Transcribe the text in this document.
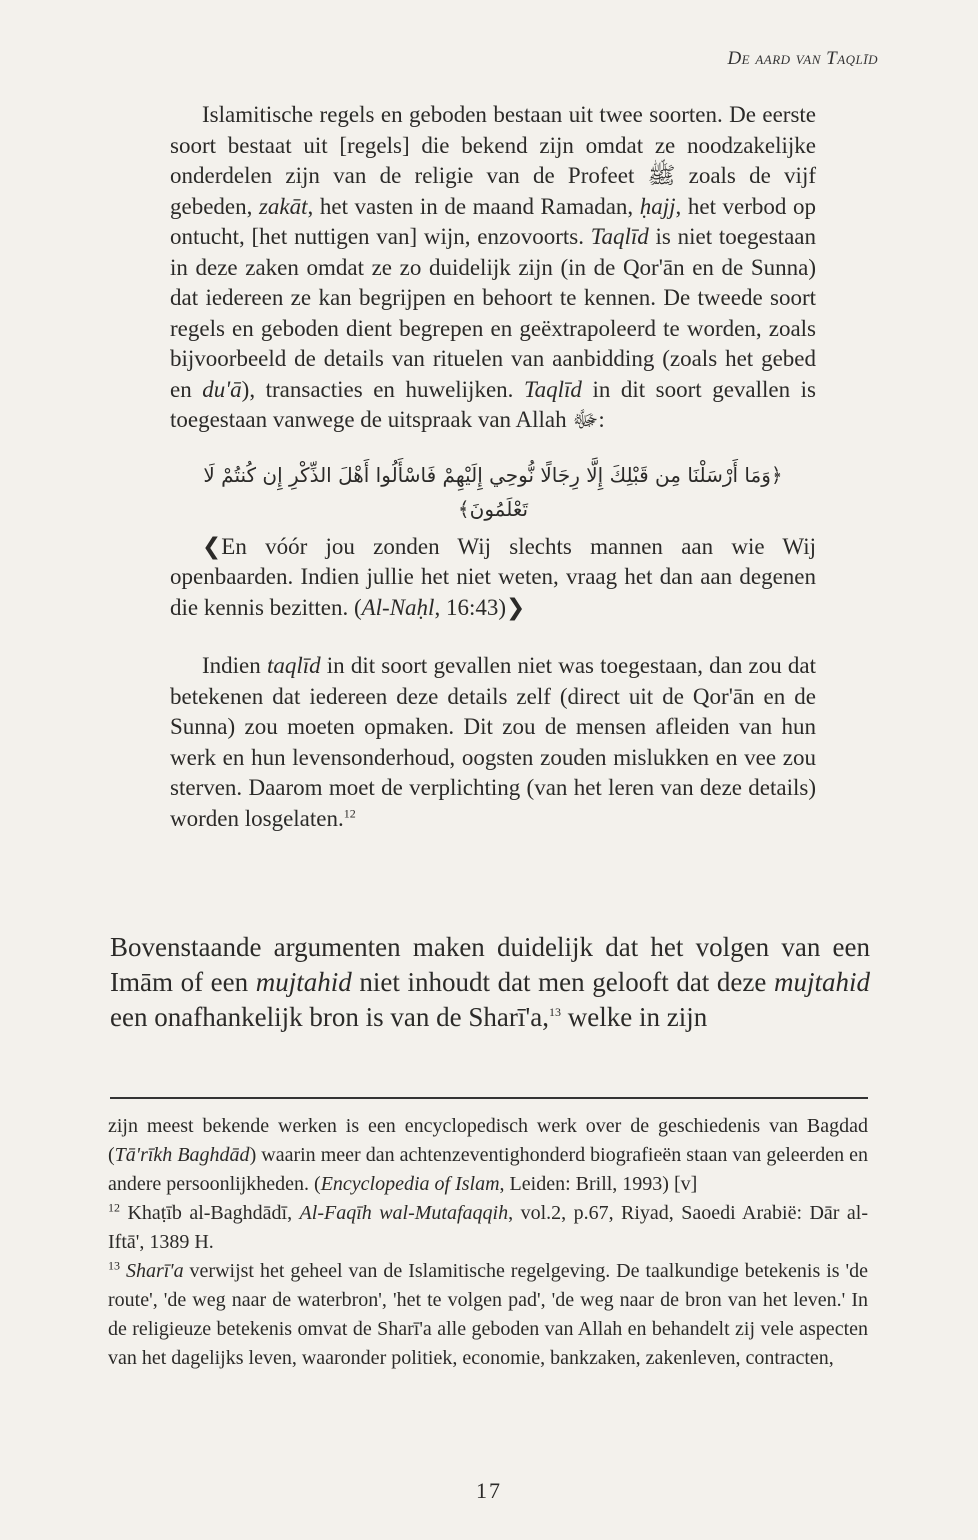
De aard van Taqlīd

Islamitische regels en geboden bestaan uit twee soorten. De eerste soort bestaat uit [regels] die bekend zijn omdat ze noodzakelijke onderdelen zijn van de religie van de Profeet ﷺ zoals de vijf gebeden, zakāt, het vasten in de maand Ramadan, ḥajj, het verbod op ontucht, [het nuttigen van] wijn, enzovoorts. Taqlīd is niet toegestaan in deze zaken omdat ze zo duidelijk zijn (in de Qor'ān en de Sunna) dat iedereen ze kan begrijpen en behoort te kennen. De tweede soort regels en geboden dient begrepen en geëxtrapoleerd te worden, zoals bijvoorbeeld de details van rituelen van aanbidding (zoals het gebed en du'ā), transacties en huwelijken. Taqlīd in dit soort gevallen is toegestaan vanwege de uitspraak van Allah ﷻ:

﴿وَمَا أَرْسَلْنَا مِن قَبْلِكَ إِلَّا رِجَالًا نُّوحِي إِلَيْهِمْ فَاسْأَلُوا أَهْلَ الذِّكْرِ إِن كُنتُمْ لَا تَعْلَمُونَ﴾

❮En vóór jou zonden Wij slechts mannen aan wie Wij openbaarden. Indien jullie het niet weten, vraag het dan aan degenen die kennis bezitten. (Al-Naḥl, 16:43)❯

Indien taqlīd in dit soort gevallen niet was toegestaan, dan zou dat betekenen dat iedereen deze details zelf (direct uit de Qor'ān en de Sunna) zou moeten opmaken. Dit zou de mensen afleiden van hun werk en hun levensonderhoud, oogsten zouden mislukken en vee zou sterven. Daarom moet de verplichting (van het leren van deze details) worden losgelaten.$^{12}$

Bovenstaande argumenten maken duidelijk dat het volgen van een Imām of een mujtahid niet inhoudt dat men gelooft dat deze mujtahid een onafhankelijk bron is van de Sharī'a,$^{13}$ welke in zijn

zijn meest bekende werken is een encyclopedisch werk over de geschiedenis van Bagdad (Tā'rīkh Baghdād) waarin meer dan achtenzeventighonderd biografieën staan van geleerden en andere persoonlijkheden. (Encyclopedia of Islam, Leiden: Brill, 1993) [v]

$^{12}$ Khaṭīb al-Baghdādī, Al-Faqīh wal-Mutafaqqih, vol.2, p.67, Riyad, Saoedi Arabië: Dār al-Iftā', 1389 H.

$^{13}$ Sharī'a verwijst het geheel van de Islamitische regelgeving. De taalkundige betekenis is 'de route', 'de weg naar de waterbron', 'het te volgen pad', 'de weg naar de bron van het leven.' In de religieuze betekenis omvat de Sharī'a alle geboden van Allah en behandelt zij vele aspecten van het dagelijks leven, waaronder politiek, economie, bankzaken, zakenleven, contracten,

17
